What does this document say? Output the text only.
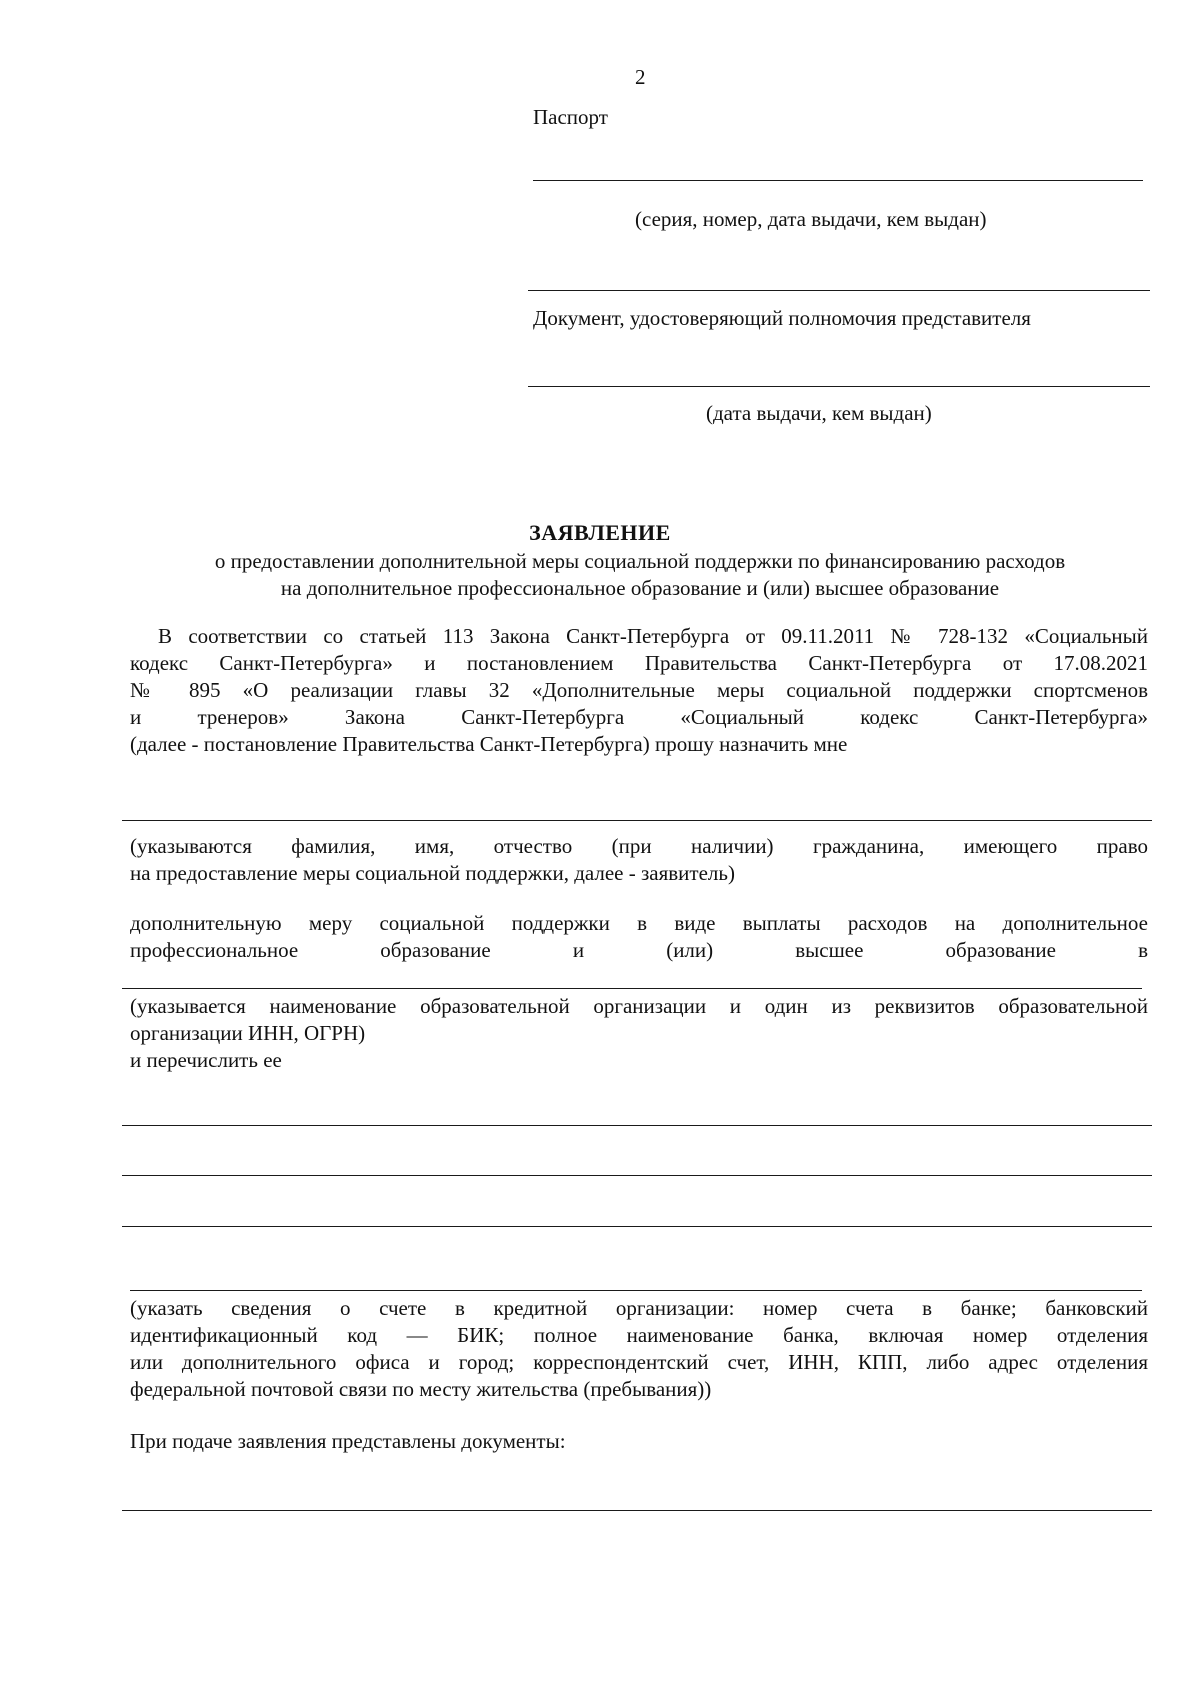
2
Паспорт
(серия, номер, дата выдачи, кем выдан)
Документ, удостоверяющий полномочия представителя
(дата выдачи, кем выдан)
ЗАЯВЛЕНИЕ
о предоставлении дополнительной меры социальной поддержки по финансированию расходов
на дополнительное профессиональное образование и (или) высшее образование
В соответствии со статьей 113 Закона Санкт-Петербурга от 09.11.2011 № 728-132 «Социальный
кодекс Санкт-Петербурга» и постановлением Правительства Санкт-Петербурга от 17.08.2021
№ 895 «О реализации главы 32 «Дополнительные меры социальной поддержки спортсменов
и тренеров» Закона Санкт-Петербурга «Социальный кодекс Санкт-Петербурга»
(далее - постановление Правительства Санкт-Петербурга) прошу назначить мне
(указываются фамилия, имя, отчество (при наличии) гражданина, имеющего право
на предоставление меры социальной поддержки, далее - заявитель)
дополнительную меру социальной поддержки в виде выплаты расходов на дополнительное
профессиональное образование и (или) высшее образование в
(указывается наименование образовательной организации и один из реквизитов образовательной
организации ИНН, ОГРН)
и перечислить ее
(указать сведения о счете в кредитной организации: номер счета в банке; банковский
идентификационный код — БИК; полное наименование банка, включая номер отделения
или дополнительного офиса и город; корреспондентский счет, ИНН, КПП, либо адрес отделения
федеральной почтовой связи по месту жительства (пребывания))
При подаче заявления представлены документы:
